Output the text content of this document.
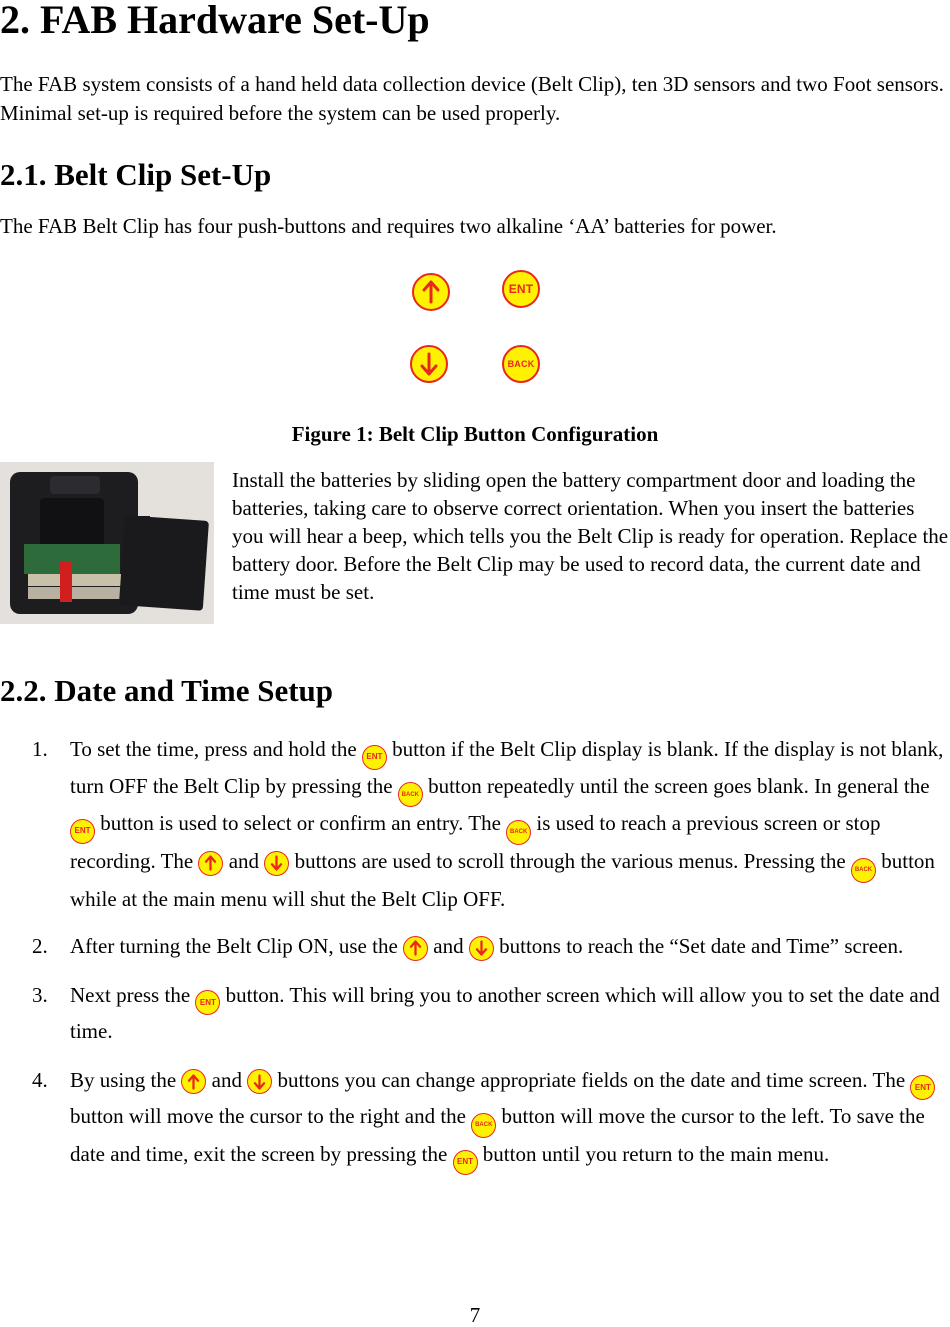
2. FAB Hardware Set-Up

The FAB system consists of a hand held data collection device (Belt Clip), ten 3D sensors and two Foot sensors. Minimal set-up is required before the system can be used properly.

2.1. Belt Clip Set-Up

The FAB Belt Clip has four push-buttons and requires two alkaline ‘AA’ batteries for power.

ENT
BACK
Figure 1: Belt Clip Button Configuration

Install the batteries by sliding open the battery compartment door and loading the batteries, taking care to observe correct orientation. When you insert the batteries you will hear a beep, which tells you the Belt Clip is ready for operation. Replace the battery door. Before the Belt Clip may be used to record data, the current date and time must be set.

2.2. Date and Time Setup
1. To set the time, press and hold the ENT button if the Belt Clip display is blank. If the display is not blank, turn OFF the Belt Clip by pressing the BACK button repeatedly until the screen goes blank. In general the
ENT button is used to select or confirm an entry. The BACK is used to reach a previous screen or stop recording. The and buttons are used to scroll through the various menus. Pressing the BACK button while at the main menu will shut the Belt Clip OFF.
2. After turning the Belt Clip ON, use the and buttons to reach the “Set date and Time” screen.
3. Next press the ENT button. This will bring you to another screen which will allow you to set the date and time.
4. By using the and buttons you can change appropriate fields on the date and time screen. The ENT
button will move the cursor to the right and the BACK button will move the cursor to the left. To save the date and time, exit the screen by pressing the ENT button until you return to the main menu.
7
